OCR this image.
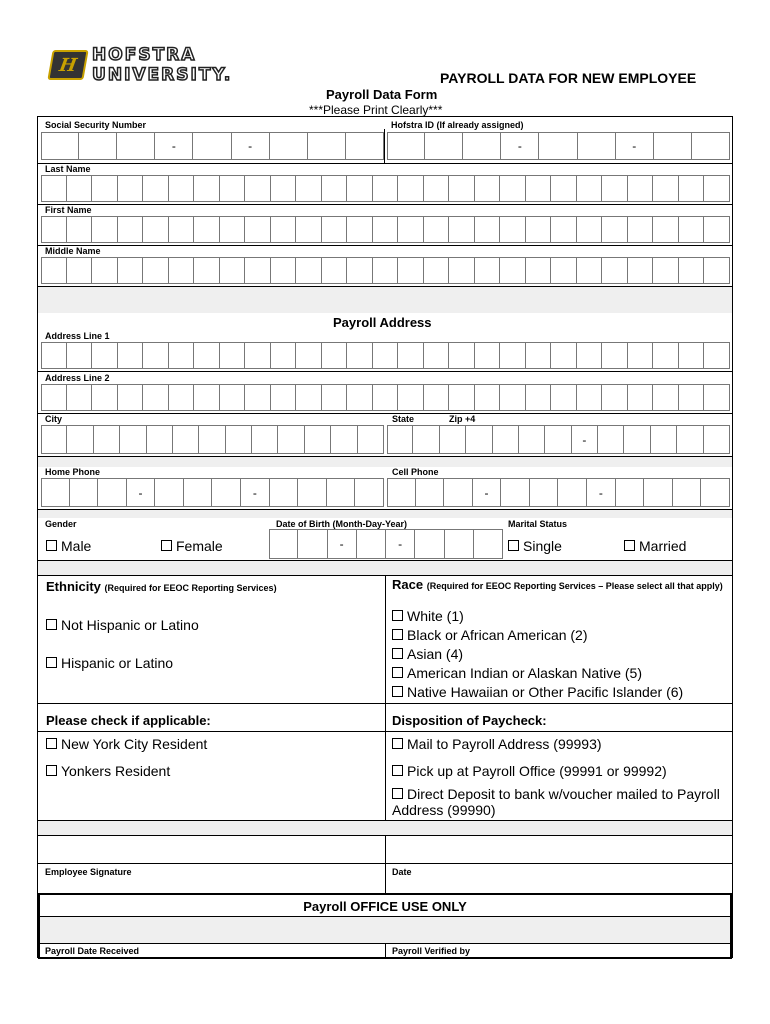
H HOFSTRA UNIVERSITY.	PAYROLL DATA FOR NEW EMPLOYEE
Payroll Data Form
***Please Print Clearly***
Social Security Number	Hofstra ID (If already assigned)
-	-	-	-
Last Name
First Name
Middle Name
Payroll Address
Address Line 1
Address Line 2
City	State	Zip +4
-
Home Phone	Cell Phone
-	-	-	-
Gender	Date of Birth (Month-Day-Year)	Marital Status
Male	Female	-	-	Single	Married
Ethnicity (Required for EEOC Reporting Services)
Not Hispanic or Latino
Hispanic or Latino
Race (Required for EEOC Reporting Services – Please select all that apply)
White (1)
Black or African American (2)
Asian (4)
American Indian or Alaskan Native (5)
Native Hawaiian or Other Pacific Islander (6)
Please check if applicable:	Disposition of Paycheck:
New York City Resident	Mail to Payroll Address (99993)
Yonkers Resident	Pick up at Payroll Office (99991 or 99992)
Direct Deposit to bank w/voucher mailed to Payroll Address (99990)
Employee Signature	Date
Payroll OFFICE USE ONLY
Payroll Date Received	Payroll Verified by
